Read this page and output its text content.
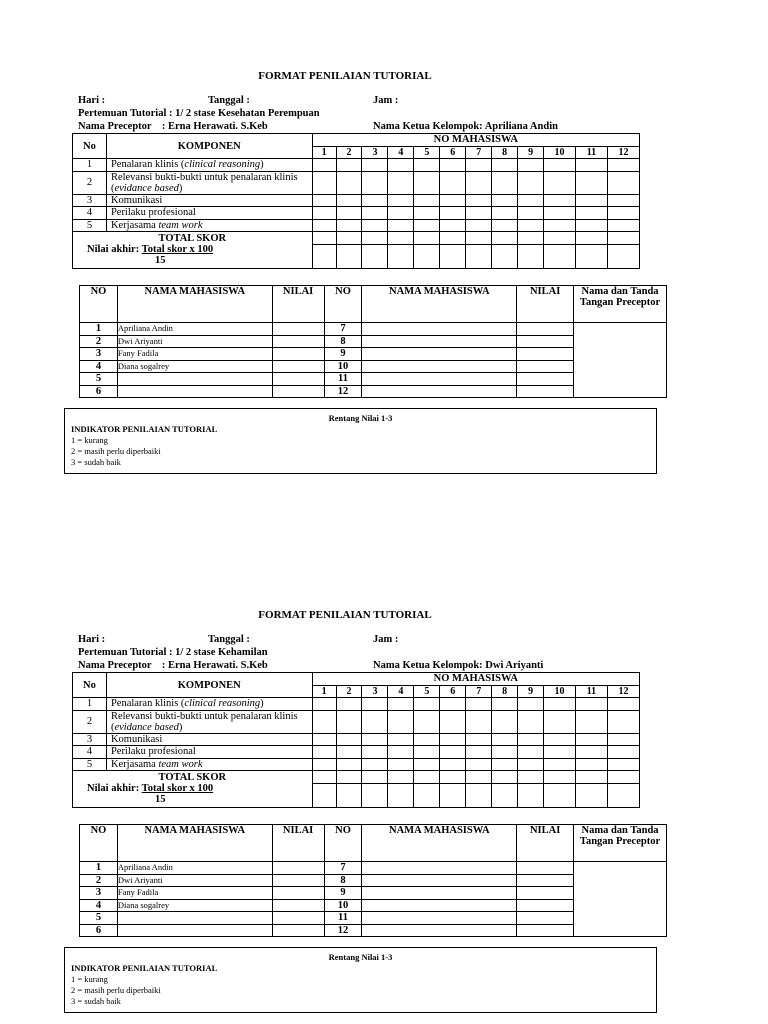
FORMAT PENILAIAN TUTORIAL
Hari :	Tanggal :	Jam :
Pertemuan Tutorial : 1/ 2 stase Kesehatan Perempuan
Nama Preceptor    : Erna Herawati. S.Keb	Nama Ketua Kelompok: Apriliana Andin
No	KOMPONEN	NO MAHASISWA											
		1	2	3	4	5	6	7	8	9	10	11	12
1	Penalaran klinis (clinical reasoning)												
2	Relevansi bukti-bukti untuk penalaran klinis
(evidance based)												
3	Komunikasi												
4	Perilaku profesional												
5	Kerjasama team work												
TOTAL SKOR													
Nilai akhir: Total skor x 100
15													
NO	NAMA MAHASISWA	NILAI	NO	NAMA MAHASISWA	NILAI	Nama dan Tanda Tangan Preceptor
1	Apriliana Andin		7			
2	Dwi Ariyanti		8			
3	Fany Fadila		9			
4	Diana sogalrey		10			
5			11			
6			12			
Rentang Nilai 1-3
INDIKATOR PENILAIAN TUTORIAL
1 = kurang
2 = masih perlu diperbaiki
3 = sudah baik
FORMAT PENILAIAN TUTORIAL
Hari :	Tanggal :	Jam :
Pertemuan Tutorial : 1/ 2 stase Kehamilan
Nama Preceptor    : Erna Herawati. S.Keb	Nama Ketua Kelompok: Dwi Ariyanti
No	KOMPONEN	NO MAHASISWA											
		1	2	3	4	5	6	7	8	9	10	11	12
1	Penalaran klinis (clinical reasoning)												
2	Relevansi bukti-bukti untuk penalaran klinis
(evidance based)												
3	Komunikasi												
4	Perilaku profesional												
5	Kerjasama team work												
TOTAL SKOR													
Nilai akhir: Total skor x 100
15													
NO	NAMA MAHASISWA	NILAI	NO	NAMA MAHASISWA	NILAI	Nama dan Tanda Tangan Preceptor
1	Apriliana Andin		7			
2	Dwi Ariyanti		8			
3	Fany Fadila		9			
4	Diana sogalrey		10			
5			11			
6			12			
Rentang Nilai 1-3
INDIKATOR PENILAIAN TUTORIAL
1 = kurang
2 = masih perlu diperbaiki
3 = sudah baik
